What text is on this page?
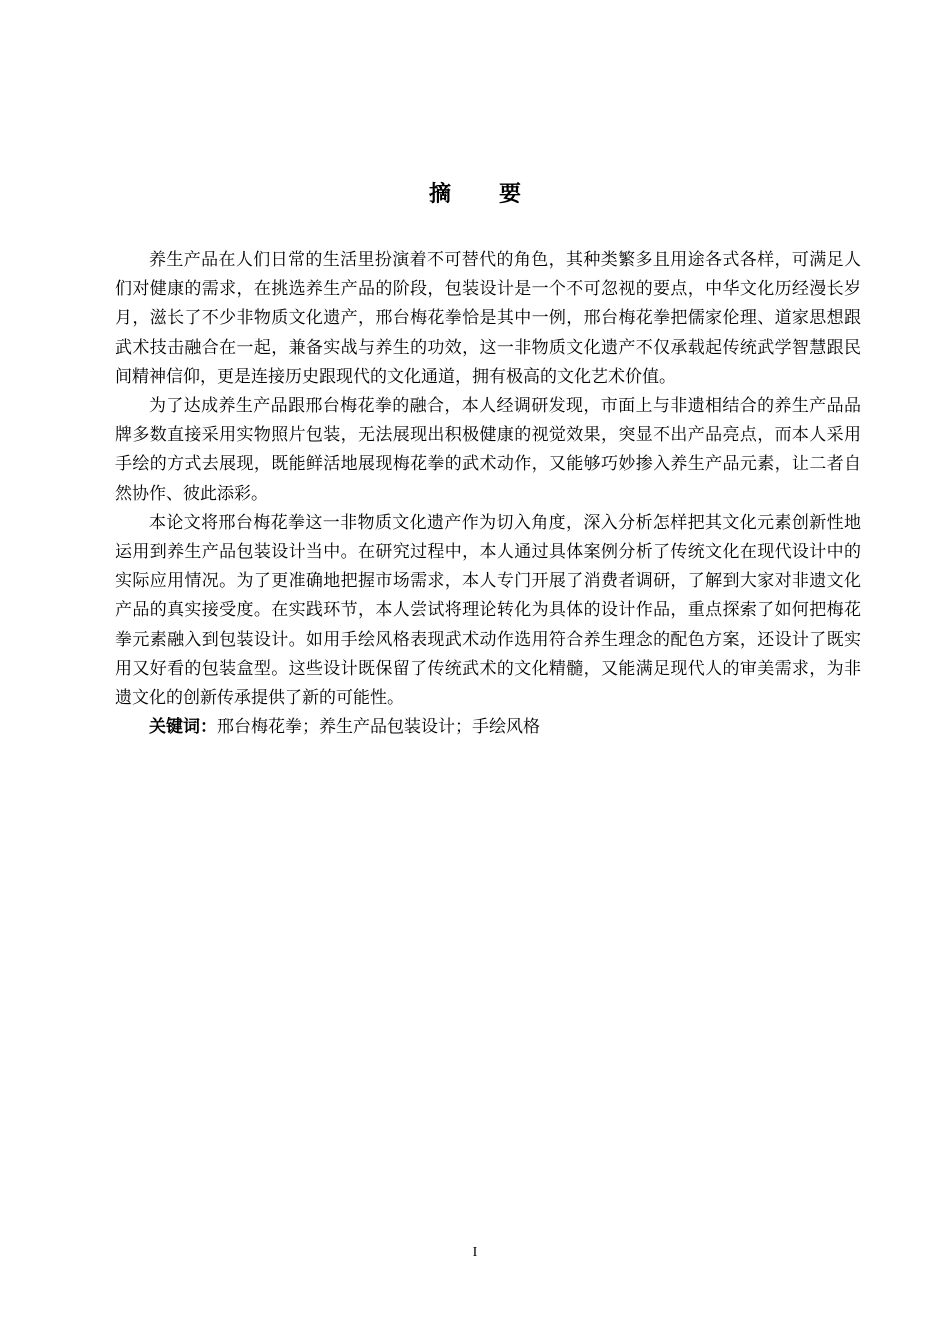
摘 要

养生产品在人们日常的生活里扮演着不可替代的角色，其种类繁多且用途各式各样，可满足人们对健康的需求，在挑选养生产品的阶段，包装设计是一个不可忽视的要点，中华文化历经漫长岁月，滋长了不少非物质文化遗产，邢台梅花拳恰是其中一例，邢台梅花拳把儒家伦理、道家思想跟武术技击融合在一起，兼备实战与养生的功效，这一非物质文化遗产不仅承载起传统武学智慧跟民间精神信仰，更是连接历史跟现代的文化通道，拥有极高的文化艺术价值。

为了达成养生产品跟邢台梅花拳的融合，本人经调研发现，市面上与非遗相结合的养生产品品牌多数直接采用实物照片包装，无法展现出积极健康的视觉效果，突显不出产品亮点，而本人采用手绘的方式去展现，既能鲜活地展现梅花拳的武术动作，又能够巧妙掺入养生产品元素，让二者自然协作、彼此添彩。

本论文将邢台梅花拳这一非物质文化遗产作为切入角度，深入分析怎样把其文化元素创新性地运用到养生产品包装设计当中。在研究过程中，本人通过具体案例分析了传统文化在现代设计中的实际应用情况。为了更准确地把握市场需求，本人专门开展了消费者调研，了解到大家对非遗文化产品的真实接受度。在实践环节，本人尝试将理论转化为具体的设计作品，重点探索了如何把梅花拳元素融入到包装设计。如用手绘风格表现武术动作选用符合养生理念的配色方案，还设计了既实用又好看的包装盒型。这些设计既保留了传统武术的文化精髓，又能满足现代人的审美需求，为非遗文化的创新传承提供了新的可能性。

关键词：邢台梅花拳；养生产品包装设计；手绘风格

I
